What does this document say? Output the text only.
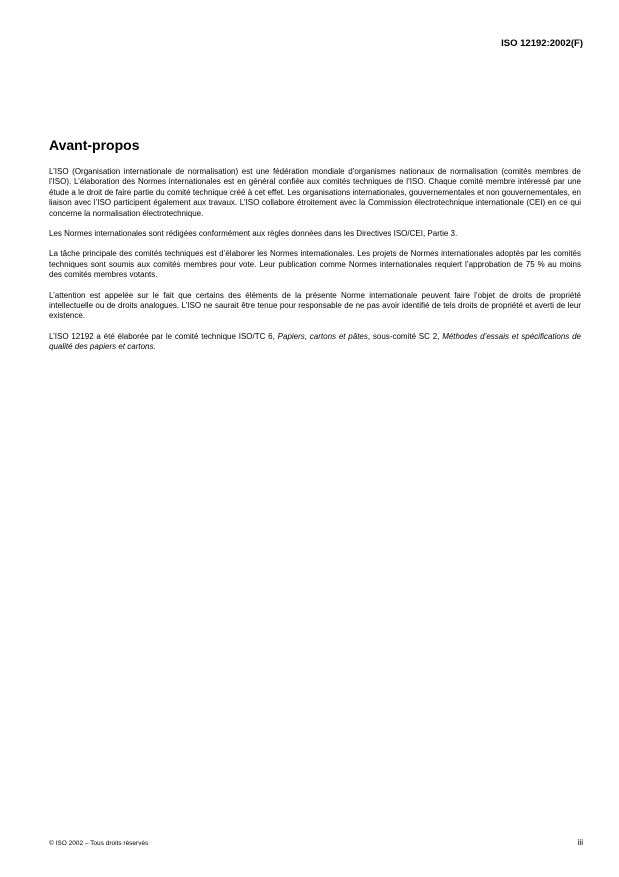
ISO 12192:2002(F)
Avant-propos

L’ISO (Organisation internationale de normalisation) est une fédération mondiale d’organismes nationaux de normalisation (comités membres de l’ISO). L’élaboration des Normes internationales est en général confiée aux comités techniques de l’ISO. Chaque comité membre intéressé par une étude a le droit de faire partie du comité technique créé à cet effet. Les organisations internationales, gouvernementales et non gouvernementales, en liaison avec l’ISO participent également aux travaux. L’ISO collabore étroitement avec la Commission électrotechnique internationale (CEI) en ce qui concerne la normalisation électrotechnique.

Les Normes internationales sont rédigées conformément aux règles données dans les Directives ISO/CEI, Partie 3.

La tâche principale des comités techniques est d’élaborer les Normes internationales. Les projets de Normes internationales adoptés par les comités techniques sont soumis aux comités membres pour vote. Leur publication comme Normes internationales requiert l’approbation de 75 % au moins des comités membres votants.

L’attention est appelée sur le fait que certains des éléments de la présente Norme internationale peuvent faire l’objet de droits de propriété intellectuelle ou de droits analogues. L’ISO ne saurait être tenue pour responsable de ne pas avoir identifié de tels droits de propriété et averti de leur existence.

L’ISO 12192 a été élaborée par le comité technique ISO/TC 6, Papiers, cartons et pâtes, sous-comité SC 2, Méthodes d’essais et spécifications de qualité des papiers et cartons.

© ISO 2002 – Tous droits réservés	iii
